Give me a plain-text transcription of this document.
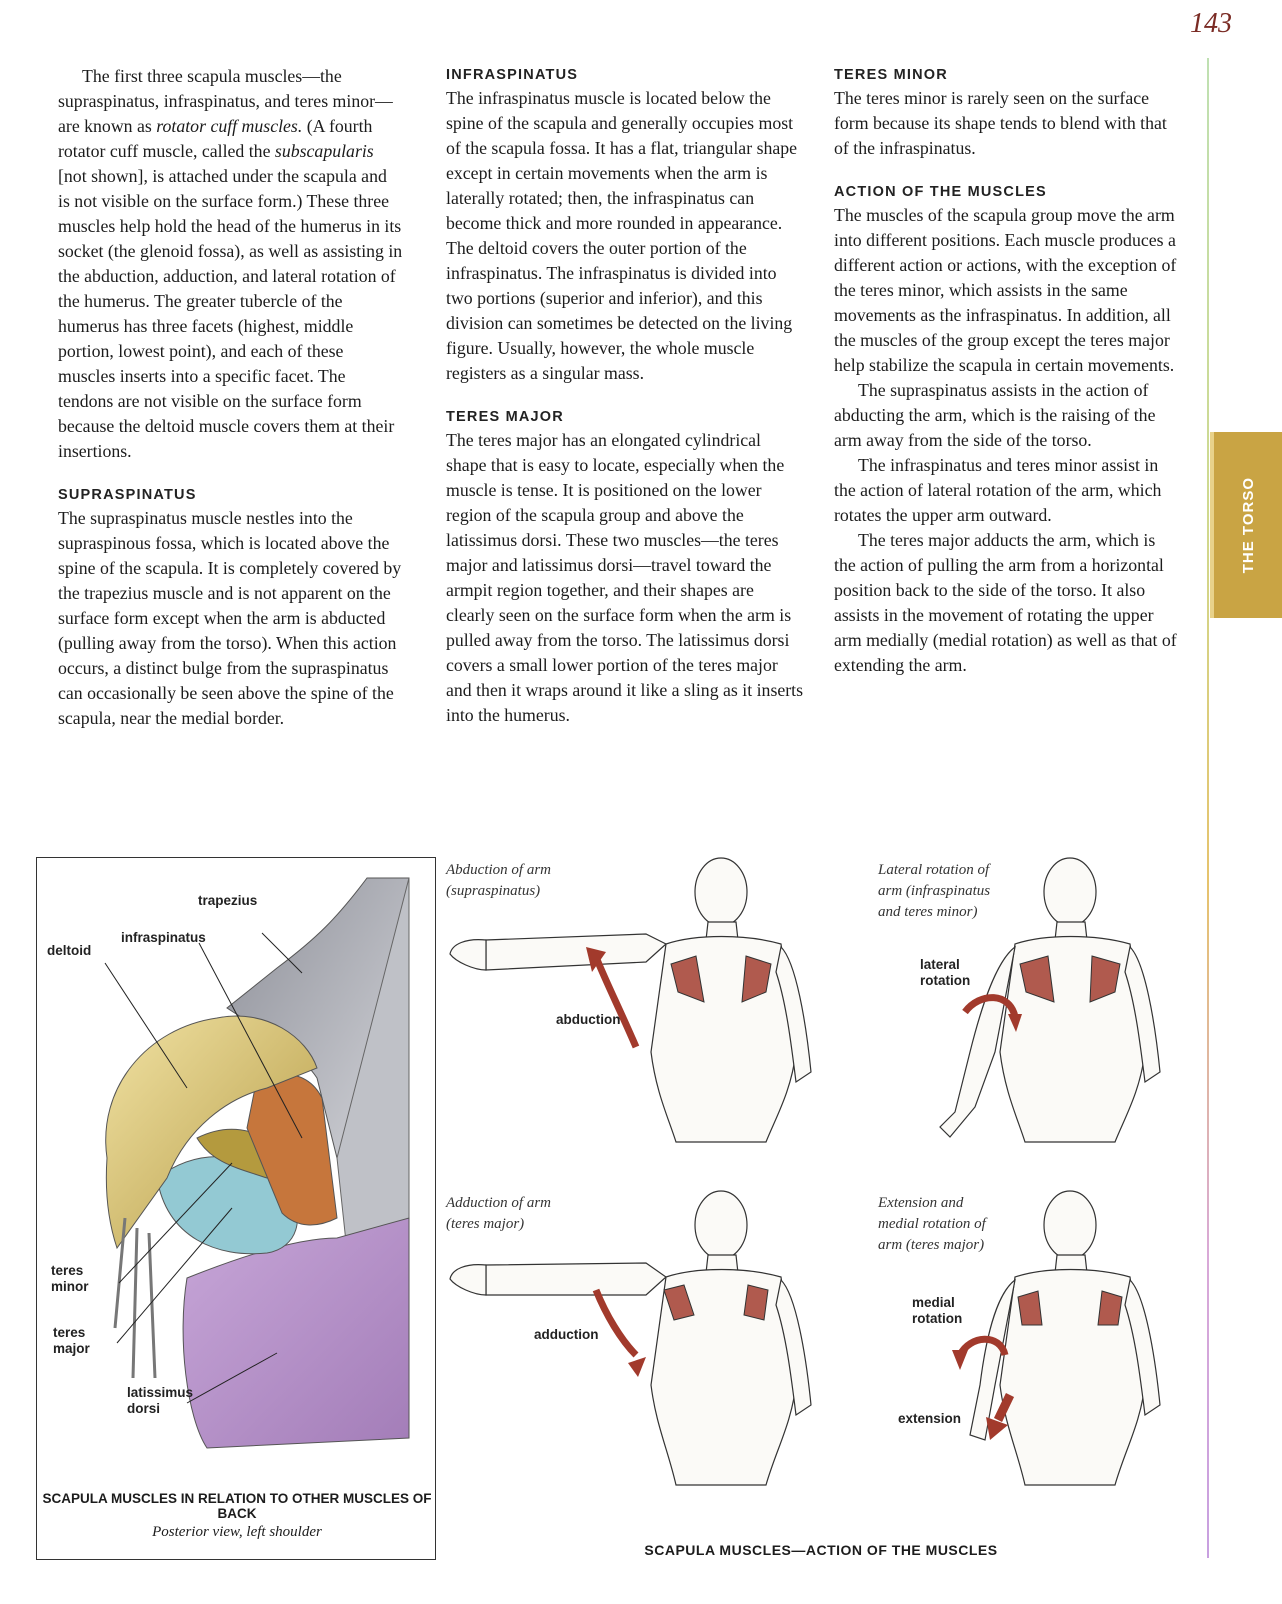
143

The first three scapula muscles—the supraspinatus, infraspinatus, and teres minor—are known as rotator cuff muscles. (A fourth rotator cuff muscle, called the subscapularis [not shown], is attached under the scapula and is not visible on the surface form.) These three muscles help hold the head of the humerus in its socket (the glenoid fossa), as well as assisting in the abduction, adduction, and lateral rotation of the humerus. The greater tubercle of the humerus has three facets (highest, middle portion, lowest point), and each of these muscles inserts into a specific facet. The tendons are not visible on the surface form because the deltoid muscle covers them at their insertions.

SUPRASPINATUS

The supraspinatus muscle nestles into the supraspinous fossa, which is located above the spine of the scapula. It is completely covered by the trapezius muscle and is not apparent on the surface form except when the arm is abducted (pulling away from the torso). When this action occurs, a distinct bulge from the supraspinatus can occasionally be seen above the spine of the scapula, near the medial border.

INFRASPINATUS

The infraspinatus muscle is located below the spine of the scapula and generally occupies most of the scapula fossa. It has a flat, triangular shape except in certain movements when the arm is laterally rotated; then, the infraspinatus can become thick and more rounded in appearance. The deltoid covers the outer portion of the infraspinatus. The infraspinatus is divided into two portions (superior and inferior), and this division can sometimes be detected on the living figure. Usually, however, the whole muscle registers as a singular mass.

TERES MAJOR

The teres major has an elongated cylindrical shape that is easy to locate, especially when the muscle is tense. It is positioned on the lower region of the scapula group and above the latissimus dorsi. These two muscles—the teres major and latissimus dorsi—travel toward the armpit region together, and their shapes are clearly seen on the surface form when the arm is pulled away from the torso. The latissimus dorsi covers a small lower portion of the teres major and then it wraps around it like a sling as it inserts into the humerus.

TERES MINOR

The teres minor is rarely seen on the surface form because its shape tends to blend with that of the infraspinatus.

ACTION OF THE MUSCLES

The muscles of the scapula group move the arm into different positions. Each muscle produces a different action or actions, with the exception of the teres minor, which assists in the same movements as the infraspinatus. In addition, all the muscles of the group except the teres major help stabilize the scapula in certain movements.

The supraspinatus assists in the action of abducting the arm, which is the raising of the arm away from the side of the torso.

The infraspinatus and teres minor assist in the action of lateral rotation of the arm, which rotates the upper arm outward.

The teres major adducts the arm, which is the action of pulling the arm from a horizontal position back to the side of the torso. It also assists in the movement of rotating the upper arm medially (medial rotation) as well as that of extending the arm.

THE TORSO
trapezius
infraspinatus
deltoid
teres
minor
teres
major
latissimus
dorsi
SCAPULA MUSCLES IN RELATION TO OTHER MUSCLES OF BACK
Posterior view, left shoulder
Abduction of arm
(supraspinatus)
abduction
Lateral rotation of
arm (infraspinatus
and teres minor)
lateral
rotation
Adduction of arm
(teres major)
adduction
Extension and
medial rotation of
arm (teres major)
medial
rotation
extension
SCAPULA MUSCLES—ACTION OF THE MUSCLES
